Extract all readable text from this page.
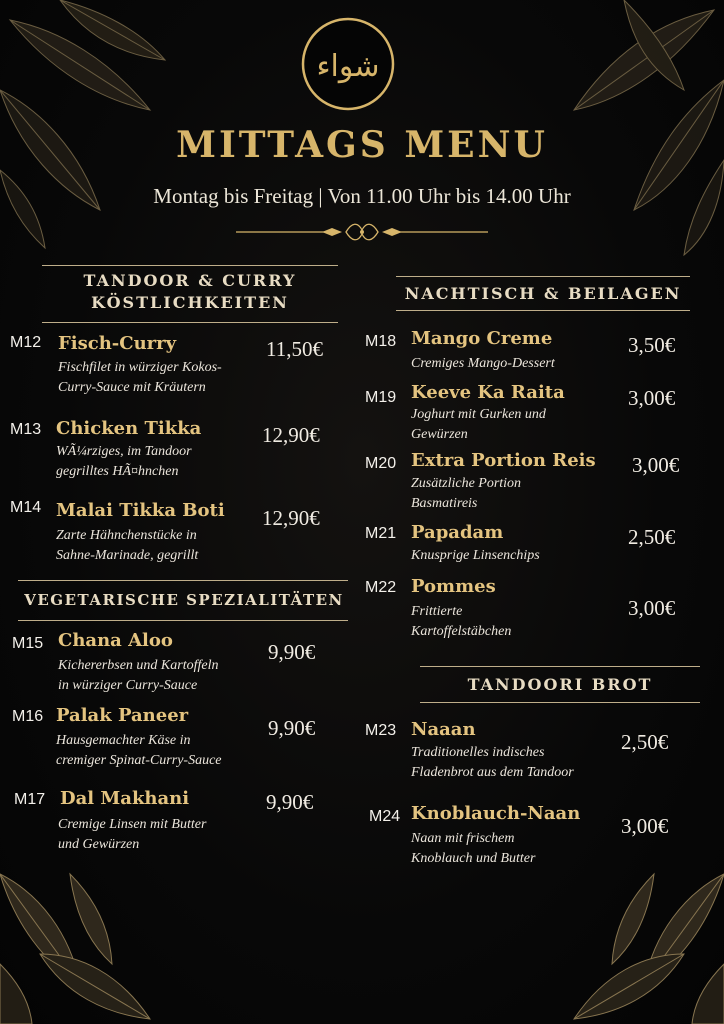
شواء
MITTAGS MENU
Montag bis Freitag | Von 11.00 Uhr bis 14.00 Uhr
TANDOOR & CURRY
KÖSTLICHKEITEN
M12 Fisch-Curry
Fischfilet in würziger Kokos-
Curry-Sauce mit Kräutern
11,50€
M13 Chicken Tikka
WÃ¼rziges, im Tandoor
gegrilltes HÃ¤hnchen
12,90€
M14 Malai Tikka Boti
Zarte Hähnchenstücke in
Sahne-Marinade, gegrillt
12,90€
VEGETARISCHE SPEZIALITÄTEN
M15 Chana Aloo
Kichererbsen und Kartoffeln
in würziger Curry-Sauce
9,90€
M16 Palak Paneer
Hausgemachter Käse in
cremiger Spinat-Curry-Sauce
9,90€
M17 Dal Makhani
Cremige Linsen mit Butter
und Gewürzen
9,90€
NACHTISCH & BEILAGEN
M18 Mango Creme
Cremiges Mango-Dessert
3,50€
M19 Keeve Ka Raita
Joghurt mit Gurken und
Gewürzen
3,00€
M20 Extra Portion Reis
Zusätzliche Portion
Basmatireis
3,00€
M21 Papadam
Knusprige Linsenchips
2,50€
M22 Pommes
Frittierte
Kartoffelstäbchen
3,00€
TANDOORI BROT
M23 Naaan
Traditionelles indisches
Fladenbrot aus dem Tandoor
2,50€
M24 Knoblauch-Naan
Naan mit frischem
Knoblauch und Butter
3,00€
